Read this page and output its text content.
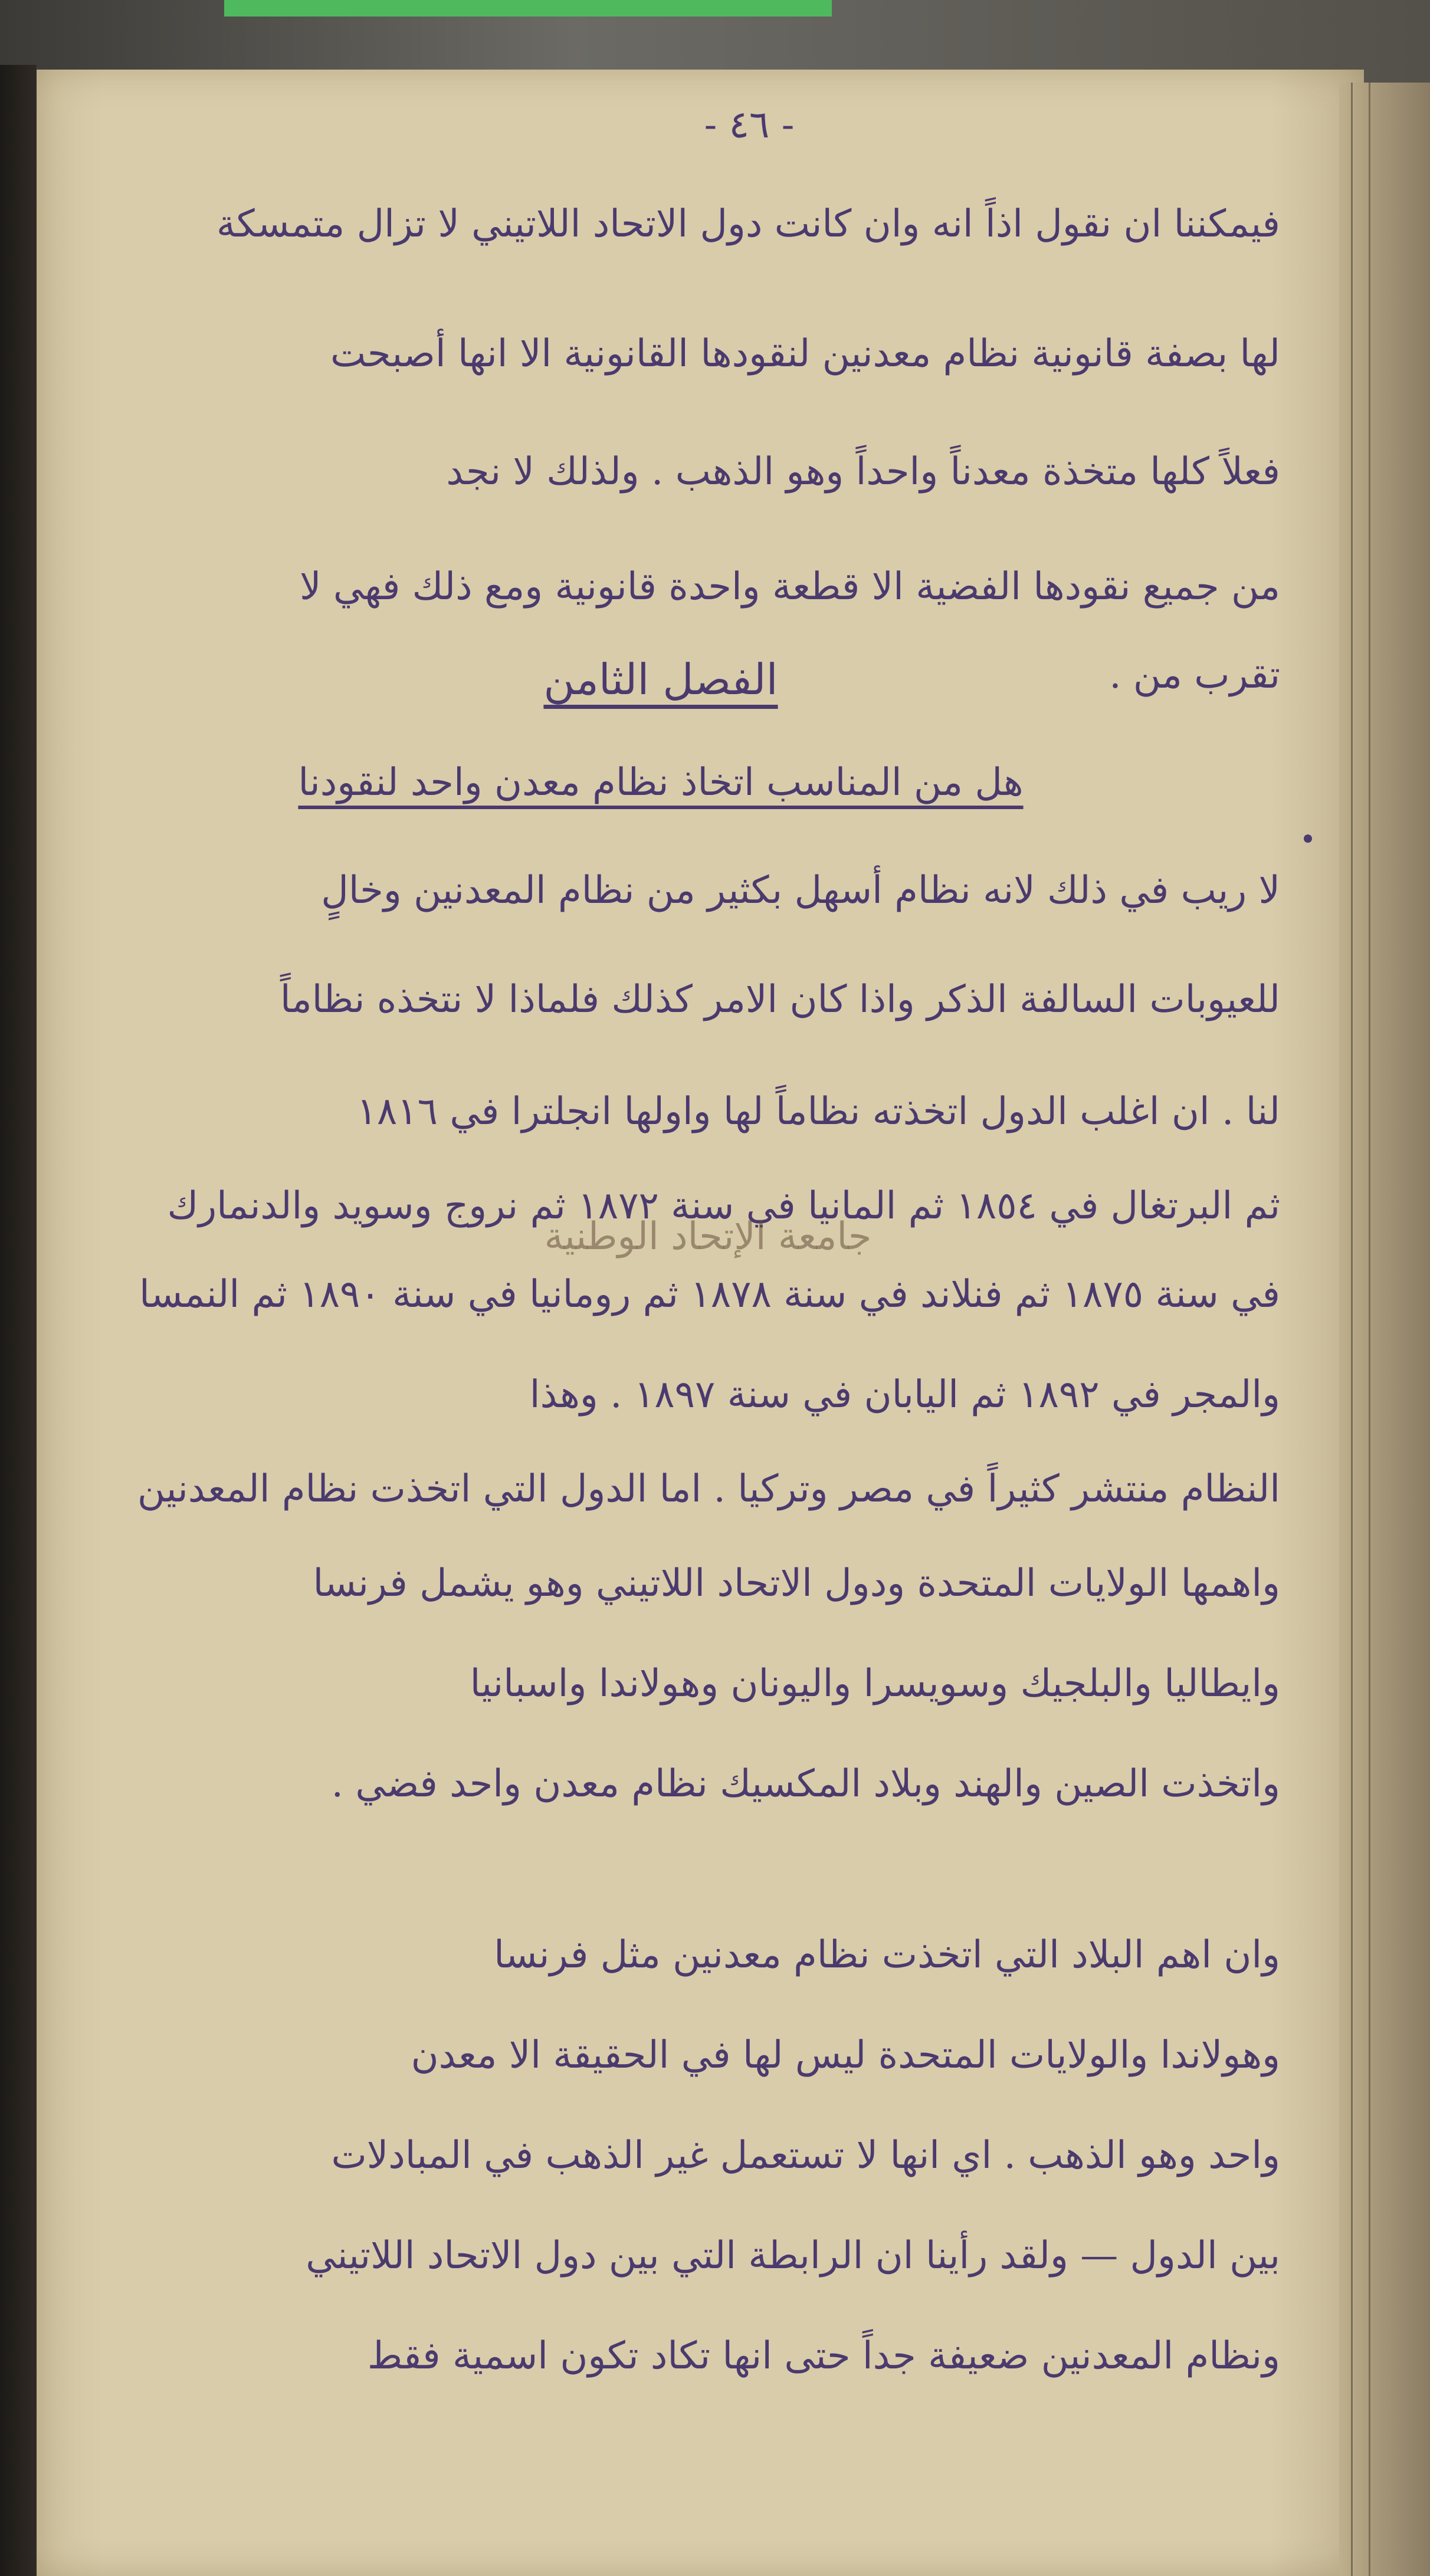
- ٤٦ -
فيمكننا ان نقول اذاً انه وان كانت دول الاتحاد اللاتيني لا تزال متمسكة
لها بصفة قانونية نظام معدنين لنقودها القانونية الا انها أصبحت
فعلاً كلها متخذة معدناً واحداً وهو الذهب . ولذلك لا نجد
من جميع نقودها الفضية الا قطعة واحدة قانونية ومع ذلك فهي لا
تقرب من .
الفصل الثامن
هل من المناسب اتخاذ نظام معدن واحد لنقودنا
لا ريب في ذلك لانه نظام أسهل بكثير من نظام المعدنين وخالٍ
للعيوبات السالفة الذكر واذا كان الامر كذلك فلماذا لا نتخذه نظاماً
لنا . ان اغلب الدول اتخذته نظاماً لها واولها انجلترا في ١٨١٦
ثم البرتغال في ١٨٥٤ ثم المانيا في سنة ١٨٧٢ ثم نروج وسويد والدنمارك
في سنة ١٨٧٥ ثم فنلاند في سنة ١٨٧٨ ثم رومانيا في سنة ١٨٩٠ ثم النمسا
والمجر في ١٨٩٢ ثم اليابان في سنة ١٨٩٧ . وهذا
النظام منتشر كثيراً في مصر وتركيا . اما الدول التي اتخذت نظام المعدنين
واهمها الولايات المتحدة ودول الاتحاد اللاتيني وهو يشمل فرنسا
وايطاليا والبلجيك وسويسرا واليونان وهولاندا واسبانيا
واتخذت الصين والهند وبلاد المكسيك نظام معدن واحد فضي .
وان اهم البلاد التي اتخذت نظام معدنين مثل فرنسا
وهولاندا والولايات المتحدة ليس لها في الحقيقة الا معدن
واحد وهو الذهب . اي انها لا تستعمل غير الذهب في المبادلات
بين الدول — ولقد رأينا ان الرابطة التي بين دول الاتحاد اللاتيني
ونظام المعدنين ضعيفة جداً حتى انها تكاد تكون اسمية فقط
جامعة الإتحاد الوطنية
